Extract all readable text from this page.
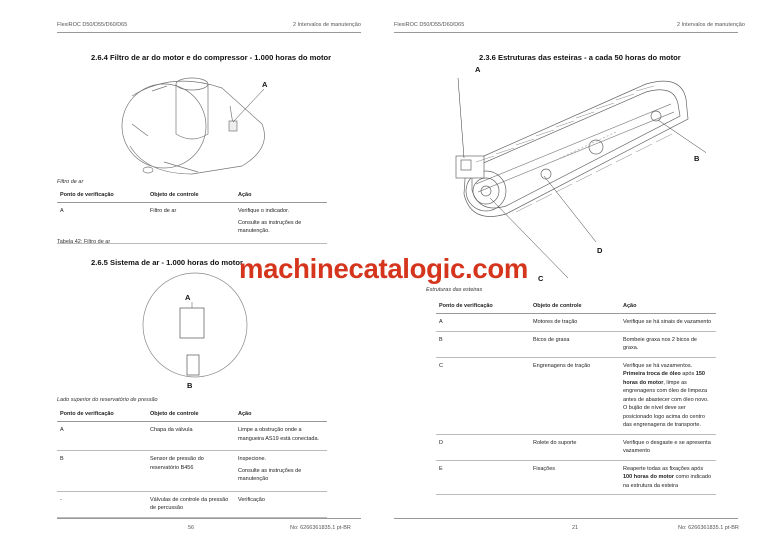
FlexiROC D50/D55/D60/D65	2 Intervalos de manutenção
2.6.4 Filtro de ar do motor e do compressor - 1.000 horas do motor
A
Filtro de ar
Ponto de verificação	Objeto de controle	Ação
A	Filtro de ar	Verifique o indicador.

Consulte as instruções de manutenção.

Tabela 42: Filtro de ar
2.6.5 Sistema de ar - 1.000 horas do motor
A
B
Lado superior do reservatório de pressão
Ponto de verificação	Objeto de controle	Ação
A	Chapa da válvula	Limpe a obstrução onde a mangueira AS19 está conectada.

B	Sensor de pressão do reservatório B456	Inspecione.

Consulte as instruções de manutenção

-	Válvulas de controle da pressão de percussão	Verificação

56	No: 6266361835.1 pt-BR
FlexiROC D50/D55/D60/D65	2 Intervalos de manutenção
2.3.6 Estruturas das esteiras - a cada 50 horas do motor
A
B
C
D
Estruturas das esteiras
Ponto de verificação	Objeto de controle	Ação
A	Motores de tração	Verifique se há sinais de vazamento
B	Bicos de graxa	Bombeie graxa nos 2 bicos de graxa.
C	Engrenagens de tração	Verifique se há vazamentos. Primeira troca de óleo após 150 horas do motor, limpe as engrenagens com óleo de limpeza antes de abastecer com óleo novo. O bujão de nível deve ser posicionado logo acima do centro das engrenagens de transporte.
D	Rolete do suporte	Verifique o desgaste e se apresenta vazamento
E	Fixações	Reaperte todas as fixações após 100 horas do motor como indicado na estrutura da esteira
21	No: 6266361835.1 pt-BR
machinecatalogic.com
